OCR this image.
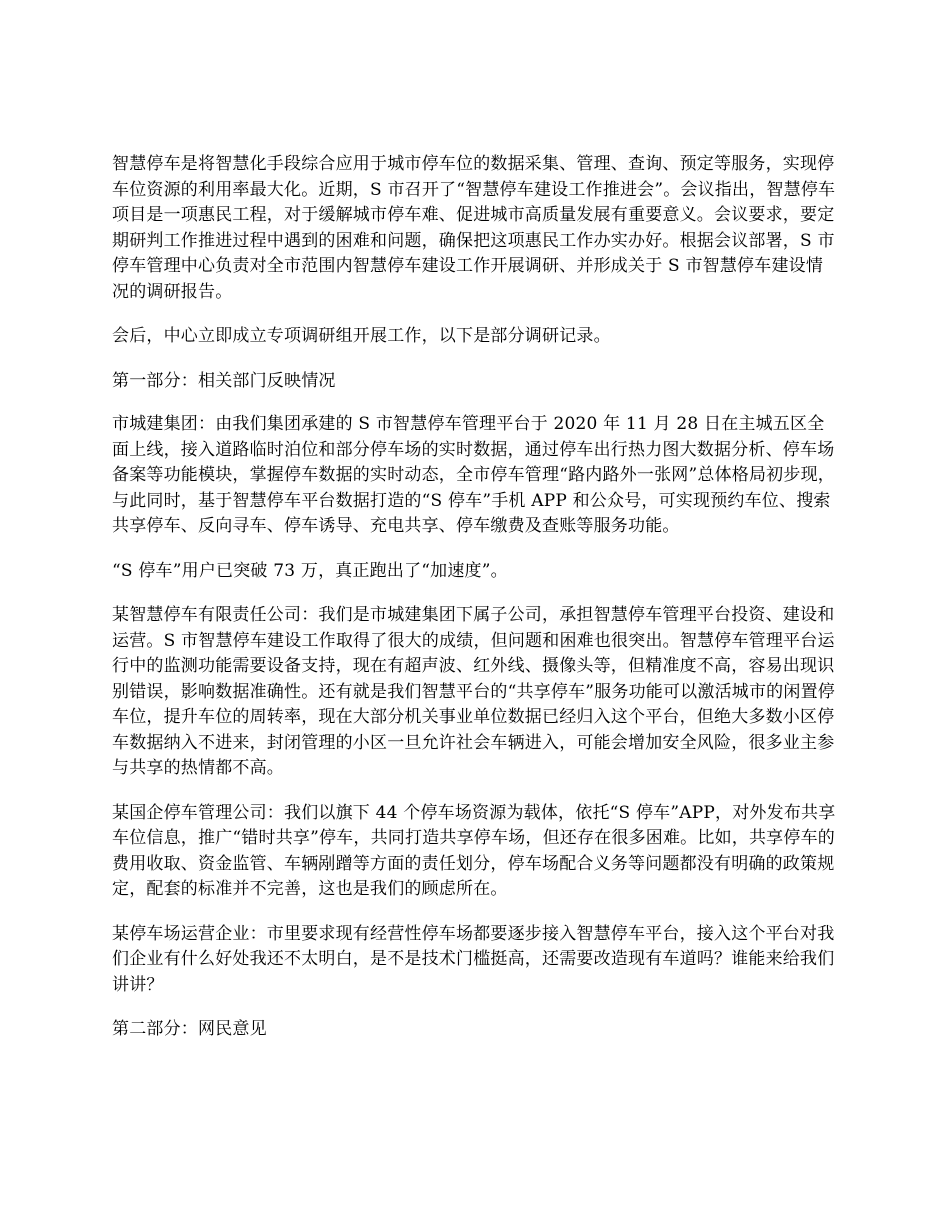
智慧停车是将智慧化手段综合应用于城市停车位的数据采集、管理、查询、预定等服务，实现停车位资源的利用率最大化。近期，S 市召开了“智慧停车建设工作推进会”。会议指出，智慧停车项目是一项惠民工程，对于缓解城市停车难、促进城市高质量发展有重要意义。会议要求，要定期研判工作推进过程中遇到的困难和问题，确保把这项惠民工作办实办好。根据会议部署，S 市停车管理中心负责对全市范围内智慧停车建设工作开展调研、并形成关于 S 市智慧停车建设情况的调研报告。

会后，中心立即成立专项调研组开展工作，以下是部分调研记录。

第一部分：相关部门反映情况

市城建集团：由我们集团承建的 S 市智慧停车管理平台于 2020 年 11 月 28 日在主城五区全面上线，接入道路临时泊位和部分停车场的实时数据，通过停车出行热力图大数据分析、停车场备案等功能模块，掌握停车数据的实时动态，全市停车管理“路内路外一张网”总体格局初步现，与此同时，基于智慧停车平台数据打造的“S 停车”手机 APP 和公众号，可实现预约车位、搜索共享停车、反向寻车、停车诱导、充电共享、停车缴费及查账等服务功能。

“S 停车”用户已突破 73 万，真正跑出了“加速度”。

某智慧停车有限责任公司：我们是市城建集团下属子公司，承担智慧停车管理平台投资、建设和运营。S 市智慧停车建设工作取得了很大的成绩，但问题和困难也很突出。智慧停车管理平台运行中的监测功能需要设备支持，现在有超声波、红外线、摄像头等，但精准度不高，容易出现识别错误，影响数据准确性。还有就是我们智慧平台的“共享停车”服务功能可以激活城市的闲置停车位，提升车位的周转率，现在大部分机关事业单位数据已经归入这个平台，但绝大多数小区停车数据纳入不进来，封闭管理的小区一旦允许社会车辆进入，可能会增加安全风险，很多业主参与共享的热情都不高。

某国企停车管理公司：我们以旗下 44 个停车场资源为载体，依托“S 停车”APP，对外发布共享车位信息，推广“错时共享”停车，共同打造共享停车场，但还存在很多困难。比如，共享停车的费用收取、资金监管、车辆剐蹭等方面的责任划分，停车场配合义务等问题都没有明确的政策规定，配套的标准并不完善，这也是我们的顾虑所在。

某停车场运营企业：市里要求现有经营性停车场都要逐步接入智慧停车平台，接入这个平台对我们企业有什么好处我还不太明白，是不是技术门槛挺高，还需要改造现有车道吗？谁能来给我们讲讲？

第二部分：网民意见
